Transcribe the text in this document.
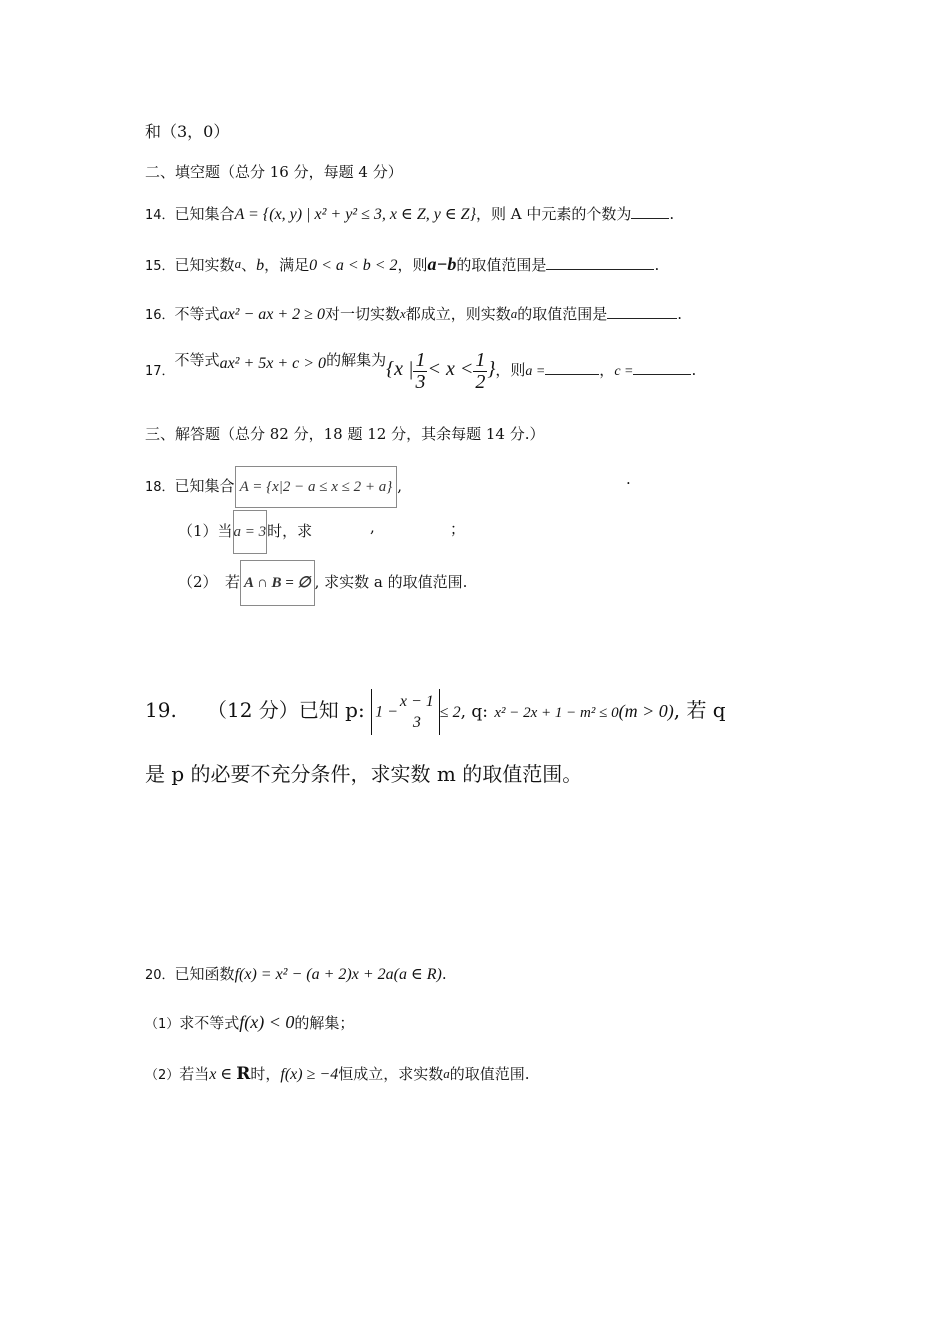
和（3，0）
二、填空题（总分 16 分，每题 4 分）
14．已知集合A = {(x, y) | x² + y² ≤ 3, x ∈ Z, y ∈ Z}，则 A 中元素的个数为	.
15．已知实数a、b，满足0 < a < b < 2，则a−b的取值范围是	.
16．不等式ax² − ax + 2 ≥ 0对一切实数x都成立，则实数a的取值范围是	.
17．不等式ax² + 5x + c > 0的解集为{x | $\frac{1}{3} < x < \frac{1}{2}$ }，则a =	，c =	.
三、解答题（总分 82 分，18 题 12 分，其余每题 14 分.）
18．已知集合 A = {x|2 − a ≤ x ≤ 2 + a} ,	.
（1）当a = 3时，求	,	；
（2）　若 A ∩ B = ∅ , 求实数 a 的取值范围.
19. （12 分）已知 p: 1 −
x − 1
3
≤ 2, q: x² − 2x + 1 − m² ≤ 0(m > 0), 若 q
是 p 的必要不充分条件，求实数 m 的取值范围。
20．已知函数f(x) = x² − (a + 2)x + 2a(a ∈ R).
（1）求不等式f(x) < 0的解集；
（2）若当x ∈ R时，f(x) ≥ −4恒成立，求实数a的取值范围.
